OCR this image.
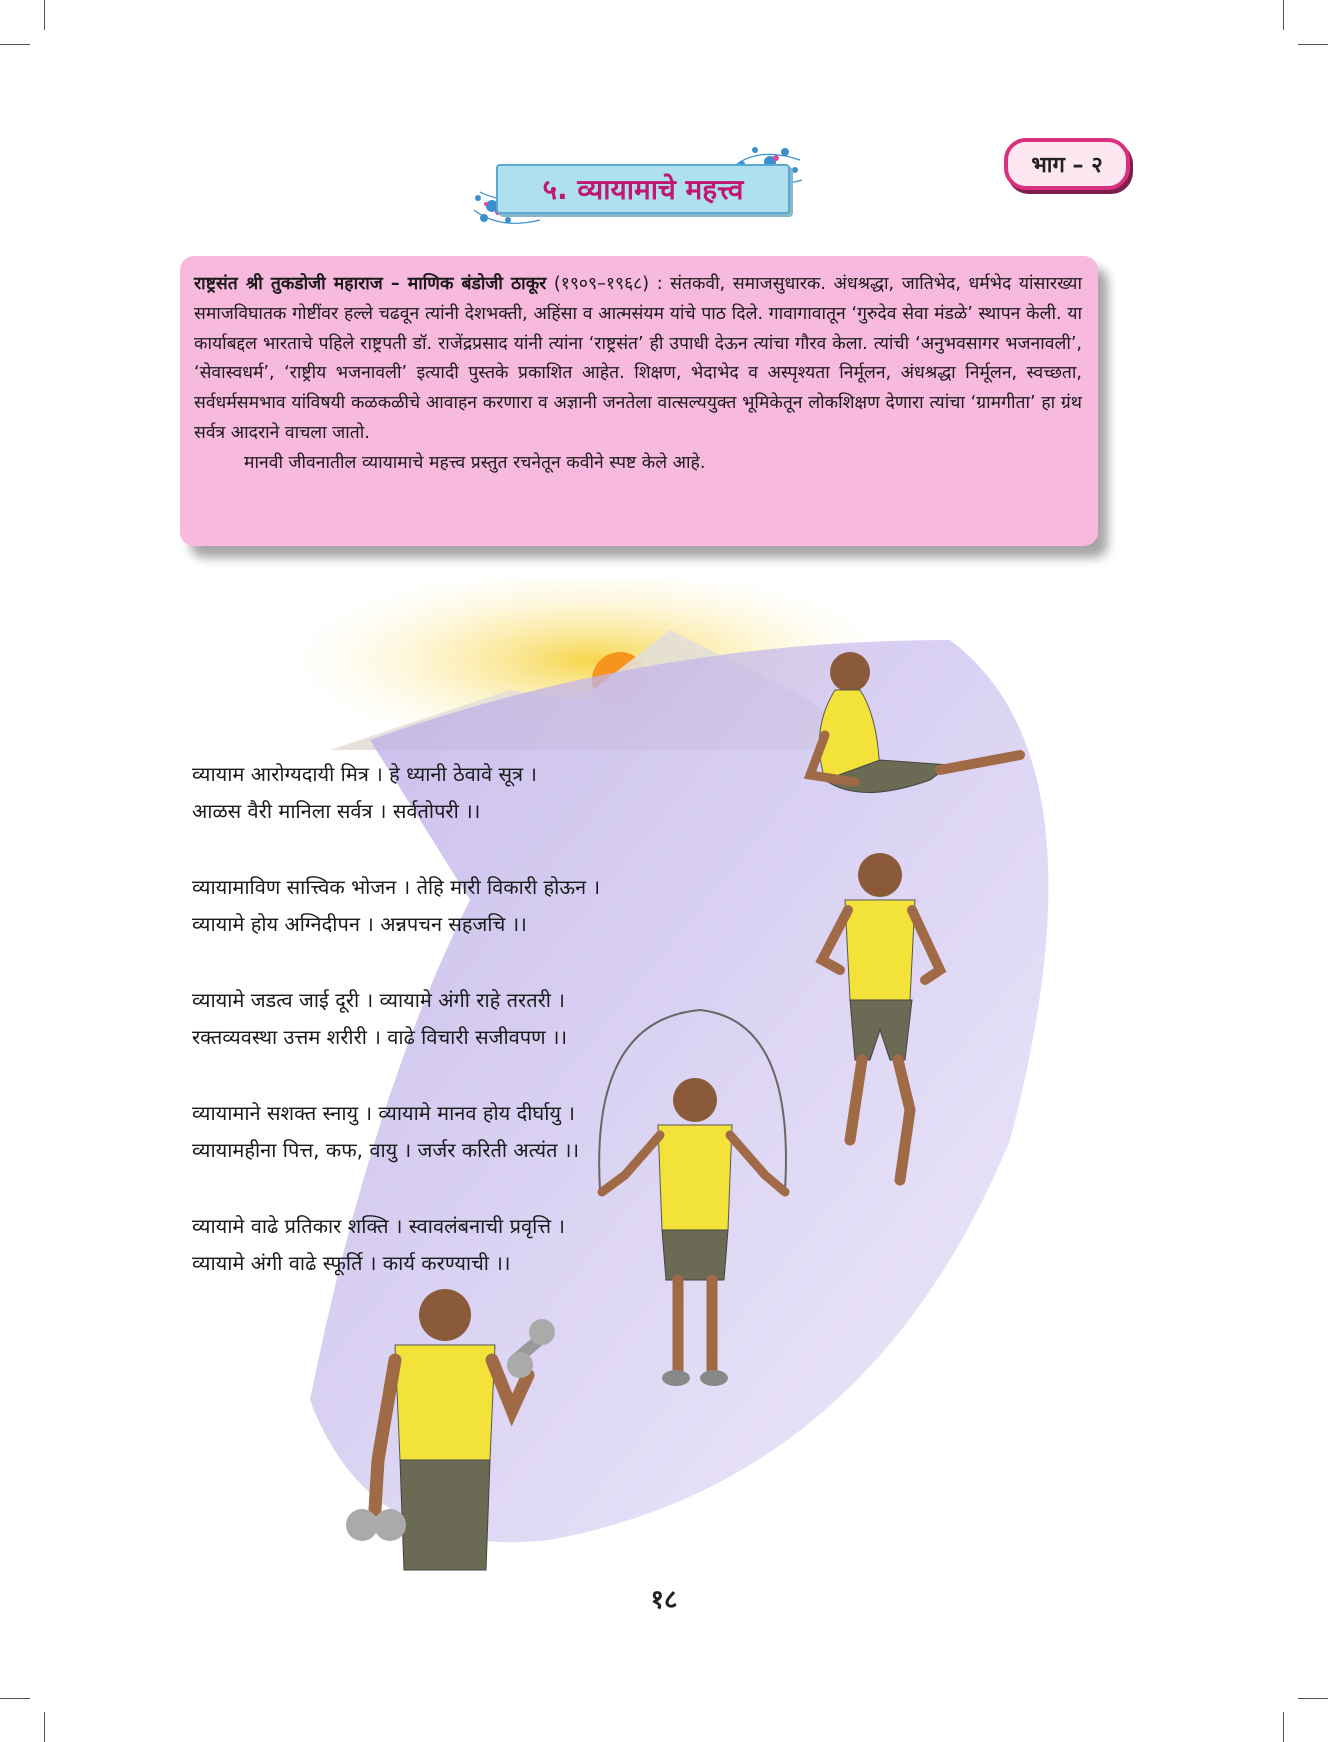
भाग – २
५. व्यायामाचे महत्त्व
राष्ट्रसंत श्री तुकडोजी महाराज – माणिक बंडोजी ठाकूर (१९०९–१९६८) : संतकवी, समाजसुधारक. अंधश्रद्धा, जातिभेद, धर्मभेद यांसारख्या समाजविघातक गोष्टींवर हल्ले चढवून त्यांनी देशभक्ती, अहिंसा व आत्मसंयम यांचे पाठ दिले. गावागावातून ‘गुरुदेव सेवा मंडळे’ स्थापन केली. या कार्याबद्दल भारताचे पहिले राष्ट्रपती डॉ. राजेंद्रप्रसाद यांनी त्यांना ‘राष्ट्रसंत’ ही उपाधी देऊन त्यांचा गौरव केला. त्यांची ‘अनुभवसागर भजनावली’, ‘सेवास्वधर्म’, ‘राष्ट्रीय भजनावली’ इत्यादी पुस्तके प्रकाशित आहेत. शिक्षण, भेदाभेद व अस्पृश्यता निर्मूलन, अंधश्रद्धा निर्मूलन, स्वच्छता, सर्वधर्मसमभाव यांविषयी कळकळीचे आवाहन करणारा व अज्ञानी जनतेला वात्सल्ययुक्त भूमिकेतून लोकशिक्षण देणारा त्यांचा ‘ग्रामगीता’ हा ग्रंथ सर्वत्र आदराने वाचला जातो.
मानवी जीवनातील व्यायामाचे महत्त्व प्रस्तुत रचनेतून कवीने स्पष्ट केले आहे.
व्यायाम आरोग्यदायी मित्र । हे ध्यानी ठेवावे सूत्र ।
आळस वैरी मानिला सर्वत्र । सर्वतोपरी ।।
व्यायामाविण सात्त्विक भोजन । तेहि मारी विकारी होऊन ।
व्यायामे होय अग्निदीपन । अन्नपचन सहजचि ।।
व्यायामे जडत्व जाई दूरी । व्यायामे अंगी राहे तरतरी ।
रक्तव्यवस्था उत्तम शरीरी । वाढे विचारी सजीवपण ।।
व्यायामाने सशक्त स्नायु । व्यायामे मानव होय दीर्घायु ।
व्यायामहीना पित्त, कफ, वायु । जर्जर करिती अत्यंत ।।
व्यायामे वाढे प्रतिकार शक्ति । स्वावलंबनाची प्रवृत्ति ।
व्यायामे अंगी वाढे स्फूर्ति । कार्य करण्याची ।।
१८
